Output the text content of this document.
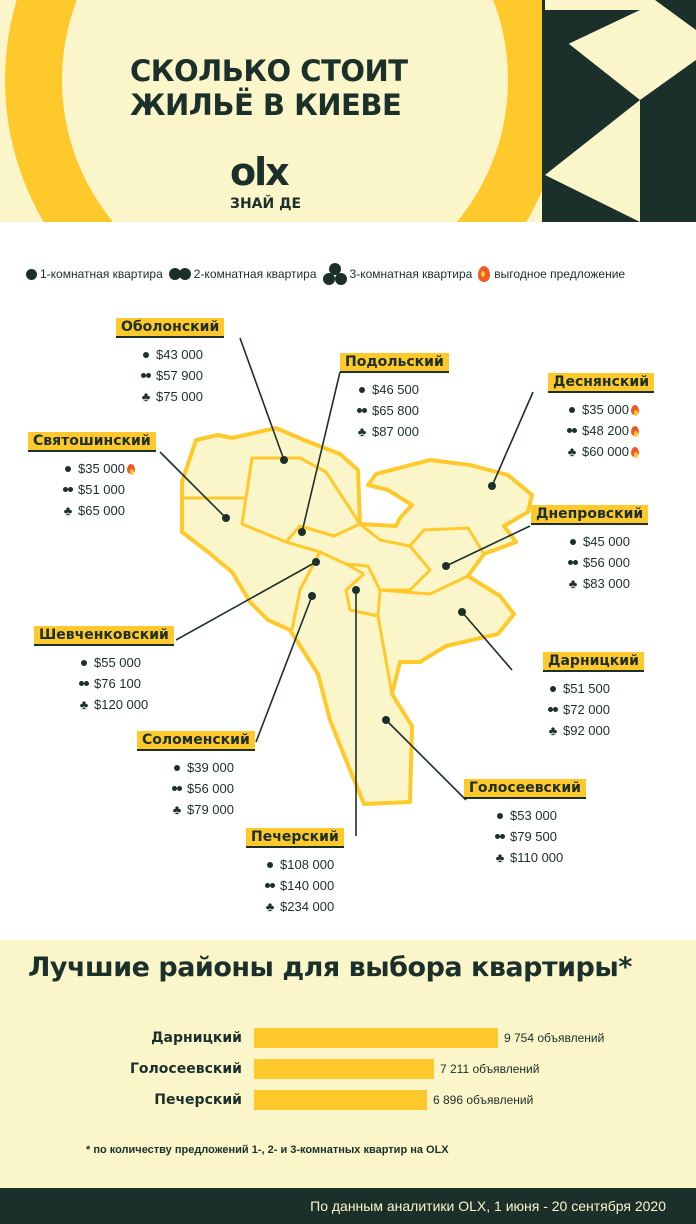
СКОЛЬКО СТОИТ
ЖИЛЬЁ В КИЕВЕ
olx
ЗНАЙ ДЕ
1-комнатная квартира	2-комнатная квартира	3-комнатная квартира выгодное предложение
Оболонский
$43 000
$57 900
♣ $75 000
Подольский
$46 500
$65 800
♣ $87 000
Деснянский
$35 000
$48 200
♣ $60 000
Святошинский
$35 000
$51 000
♣ $65 000	Днепровский
$45 000
$56 000
♣ $83 000
Шевченковский
$55 000
$76 100
♣ $120 000
Дарницкий
$51 500
$72 000
♣ $92 000
Соломенский
$39 000
$56 000
♣ $79 000
Голосеевский
$53 000
$79 500
♣ $110 000
Печерский
$108 000
$140 000
♣ $234 000
Лучшие районы для выбора квартиры*
Дарницкий	9 754 объявлений
Голосеевский	7 211 объявлений
Печерский	6 896 объявлений
* по количеству предложений 1-, 2- и 3-комнатных квартир на OLX
По данным аналитики OLX, 1 июня - 20 сентября 2020
